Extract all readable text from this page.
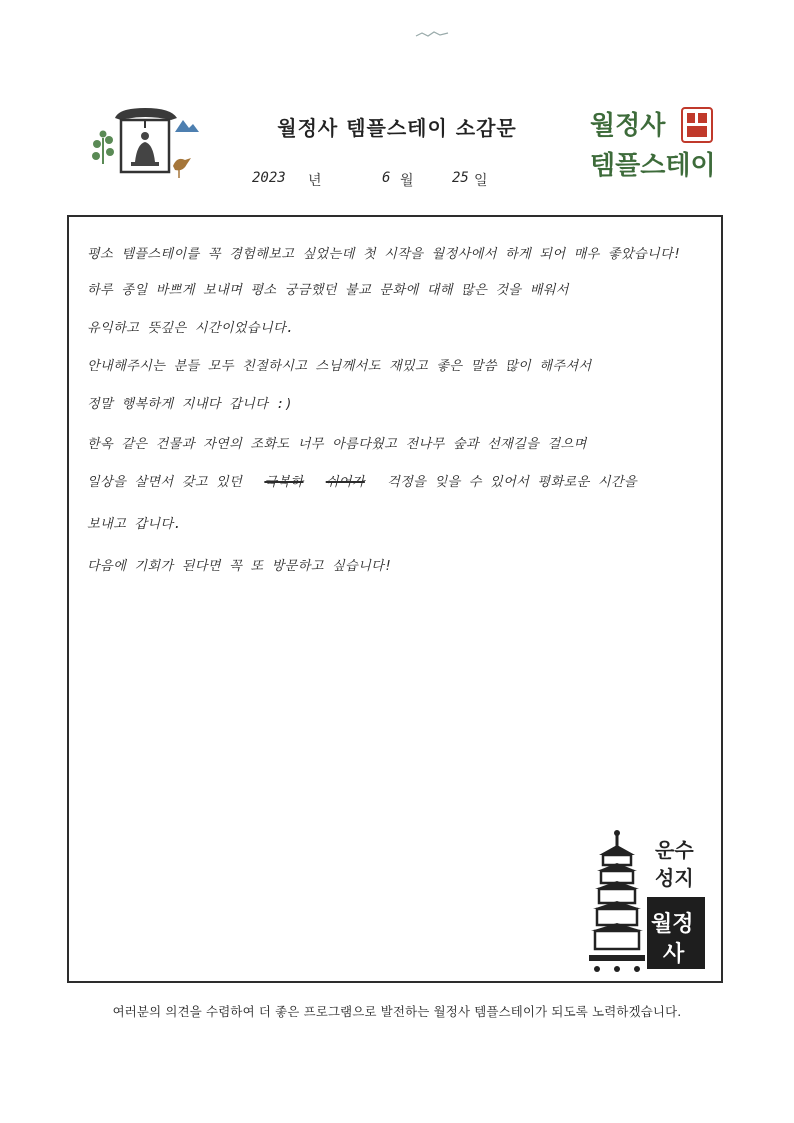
월정사 템플스테이 소감문	월정사
템플스테이
2023 년	6 월	25 일
평소 템플스테이를 꼭 경험해보고 싶었는데 첫 시작을 월정사에서 하게 되어 매우 좋았습니다!
하루 종일 바쁘게 보내며 평소 궁금했던 불교 문화에 대해 많은 것을 배워서
유익하고 뜻깊은 시간이었습니다.
안내해주시는 분들 모두 친절하시고 스님께서도 재밌고 좋은 말씀 많이 해주셔서
정말 행복하게 지내다 갑니다 :)
한옥 같은 건물과 자연의 조화도 너무 아름다웠고 전나무 숲과 선재길을 걸으며
일상을 살면서 갖고 있던 극복하 쉬어가 걱정을 잊을 수 있어서 평화로운 시간을
보내고 갑니다.
다음에 기회가 된다면 꼭 또 방문하고 싶습니다!
월정
사
운수
성지
여러분의 의견을 수렴하여 더 좋은 프로그램으로 발전하는 월정사 템플스테이가 되도록 노력하겠습니다.
